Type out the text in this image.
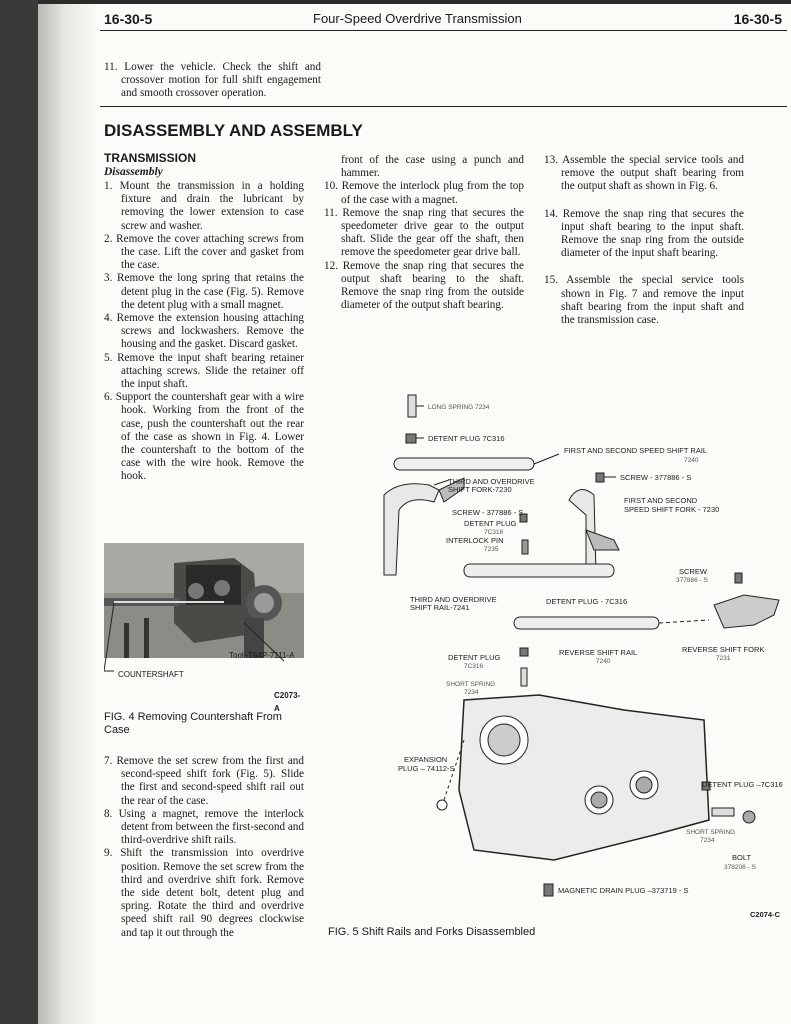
16-30-5	Four-Speed Overdrive Transmission	16-30-5

11. Lower the vehicle. Check the shift and crossover motion for full shift engagement and smooth crossover operation.

DISASSEMBLY AND ASSEMBLY
TRANSMISSION
Disassembly

1. Mount the transmission in a holding fixture and drain the lubricant by removing the lower extension to case screw and washer.

2. Remove the cover attaching screws from the case. Lift the cover and gasket from the case.

3. Remove the long spring that retains the detent plug in the case (Fig. 5). Remove the detent plug with a small magnet.

4. Remove the extension housing attaching screws and lockwashers. Remove the housing and the gasket. Discard gasket.

5. Remove the input shaft bearing retainer attaching screws. Slide the retainer off the input shaft.

6. Support the countershaft gear with a wire hook. Working from the front of the case, push the countershaft out the rear of the case as shown in Fig. 4. Lower the countershaft to the bottom of the case with the wire hook. Remove the hook.

Tool–T64P-7111-A
COUNTERSHAFT
C2073-A
FIG. 4 Removing Countershaft From Case

7. Remove the set screw from the first and second-speed shift fork (Fig. 5). Slide the first and second-speed shift rail out the rear of the case.

8. Using a magnet, remove the interlock detent from between the first-second and third-overdrive shift rails.

9. Shift the transmission into overdrive position. Remove the set screw from the third and overdrive shift fork. Remove the side detent bolt, detent plug and spring. Rotate the third and overdrive speed shift rail 90 degrees clockwise and tap it out through the

front of the case using a punch and hammer.

10. Remove the interlock plug from the top of the case with a magnet.

11. Remove the snap ring that secures the speedometer drive gear to the output shaft. Slide the gear off the shaft, then remove the speedometer gear drive ball.

12. Remove the snap ring that secures the output shaft bearing to the shaft. Remove the snap ring from the outside diameter of the output shaft bearing.

13. Assemble the special service tools and remove the output shaft bearing from the output shaft as shown in Fig. 6.

14. Remove the snap ring that secures the input shaft bearing to the input shaft. Remove the snap ring from the outside diameter of the input shaft bearing.

15. Assemble the special service tools shown in Fig. 7 and remove the input shaft bearing from the input shaft and the transmission case.

LONG SPRING 7234
DETENT PLUG 7C316
FIRST AND SECOND SPEED SHIFT RAIL
7240
THIRD AND OVERDRIVE
SHIFT FORK-7230
SCREW - 377886 - S
SCREW - 377886 - S
FIRST AND SECOND
SPEED SHIFT FORK - 7230
DETENT PLUG
7C316
INTERLOCK PIN
7235
SCREW
377886 - S
THIRD AND OVERDRIVE
SHIFT RAIL-7241
DETENT PLUG - 7C316
REVERSE SHIFT FORK
7231
DETENT PLUG
7C316
REVERSE SHIFT RAIL
7240
SHORT SPRING
7234
EXPANSION
PLUG – 74112-S
DETENT PLUG –7C316
SHORT SPRING
7234
BOLT
378206 - S
MAGNETIC DRAIN PLUG –373719 - S
C2074-C
FIG. 5 Shift Rails and Forks Disassembled
